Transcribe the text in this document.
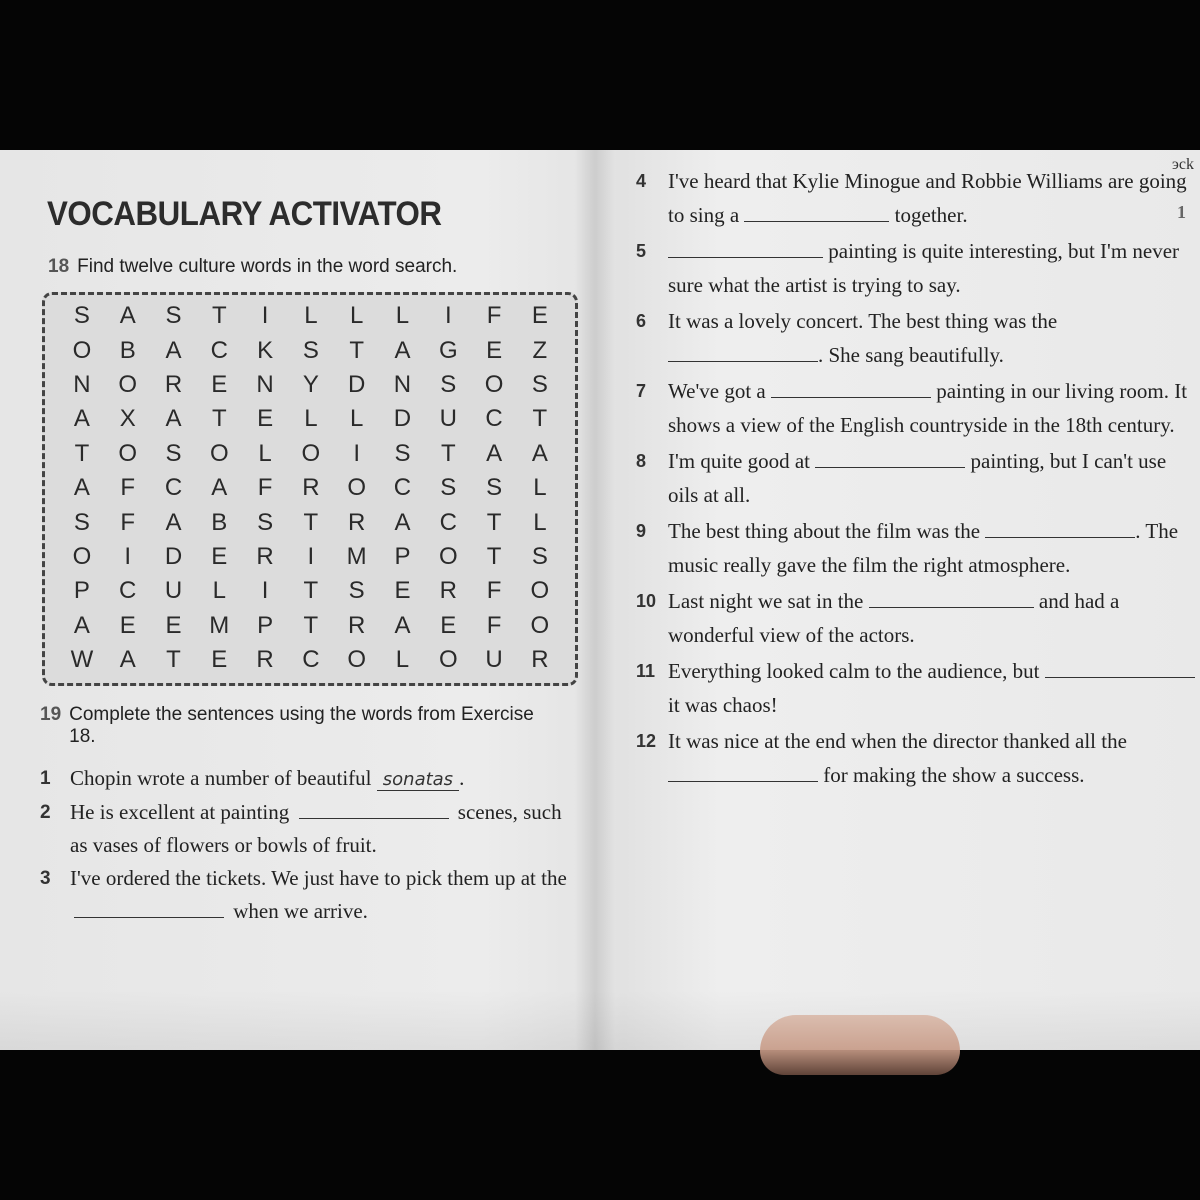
эck
1
VOCABULARY ACTIVATOR
18 Find twelve culture words in the word search.
S	A	S	T	I	L	L	L	I	F	E
O	B	A	C	K	S	T	A	G	E	Z
N	O	R	E	N	Y	D	N	S	O	S
A	X	A	T	E	L	L	D	U	C	T
T	O	S	O	L	O	I	S	T	A	A
A	F	C	A	F	R	O	C	S	S	L
S	F	A	B	S	T	R	A	C	T	L
O	I	D	E	R	I	M	P	O	T	S
P	C	U	L	I	T	S	E	R	F	O
A	E	E	M	P	T	R	A	E	F	O
W	A	T	E	R	C	O	L	O	U	R
19 Complete the sentences using the words from Exercise 18.
1 Chopin wrote a number of beautiful sonatas .
2 He is excellent at painting	scenes, such as vases of flowers or bowls of fruit.
3 I've ordered the tickets. We just have to pick them up at the  when we arrive.
4 I've heard that Kylie Minogue and Robbie Williams are going to sing a	together.
5	painting is quite interesting, but I'm never sure what the artist is trying to say.
6 It was a lovely concert. The best thing was the . She sang beautifully.
7 We've got a	painting in our living room. It shows a view of the English countryside in the 18th century.
8 I'm quite good at	painting, but I can't use oils at all.
9 The best thing about the film was the	. The music really gave the film the right atmosphere.
10 Last night we sat in the	and had a wonderful view of the actors.
11 Everything looked calm to the audience, but  it was chaos!
12 It was nice at the end when the director thanked all the  for making the show a success.
